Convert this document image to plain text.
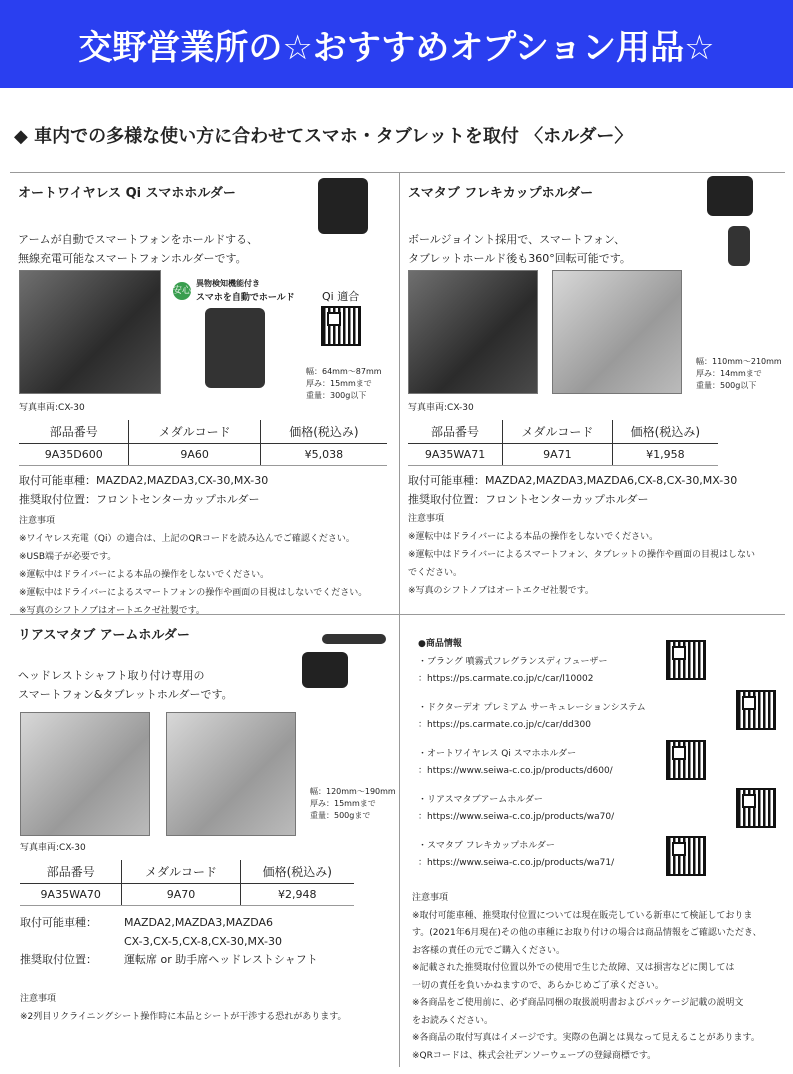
交野営業所の☆おすすめオプション用品☆
◆ 車内での多様な使い方に合わせてスマホ・タブレットを取付 〈ホルダー〉
オートワイヤレス Qi スマホホルダー
アームが自動でスマートフォンをホールドする、
無線充電可能なスマートフォンホルダーです。
安心
異物検知機能付き
スマホを自動でホールド Qi 適合
幅：64mm～87mm
厚み：15mmまで
重量：300g以下
写真車両:CX-30
部品番号	メダルコード	価格(税込み)
9A35D600	9A60	¥5,038
取付可能車種：MAZDA2,MAZDA3,CX-30,MX-30
推奨取付位置：フロントセンターカップホルダー
注意事項
※ワイヤレス充電（Qi）の適合は、上記のQRコードを読み込んでご確認ください。
※USB端子が必要です。
※運転中はドライバーによる本品の操作をしないでください。
※運転中はドライバーによるスマートフォンの操作や画面の目視はしないでください。
※写真のシフトノブはオートエクゼ社製です。
スマタブ フレキカップホルダー
ボールジョイント採用で、スマートフォン、
タブレットホールド後も360°回転可能です。
幅：110mm～210mm
厚み：14mmまで
重量：500g以下
写真車両:CX-30
部品番号	メダルコード	価格(税込み)
9A35WA71	9A71	¥1,958
取付可能車種：MAZDA2,MAZDA3,MAZDA6,CX-8,CX-30,MX-30
推奨取付位置：フロントセンターカップホルダー
注意事項
※運転中はドライバーによる本品の操作をしないでください。
※運転中はドライバーによるスマートフォン、タブレットの操作や画面の目視はしない
でください。
※写真のシフトノブはオートエクゼ社製です。
リアスマタブ アームホルダー
ヘッドレストシャフト取り付け専用の
スマートフォン&タブレットホルダーです。
幅：120mm～190mm
厚み：15mmまで
重量：500gまで
写真車両:CX-30
部品番号	メダルコード	価格(税込み)
9A35WA70	9A70	¥2,948
取付可能車種：	MAZDA2,MAZDA3,MAZDA6
CX-3,CX-5,CX-8,CX-30,MX-30
推奨取付位置：	運転席 or 助手席ヘッドレストシャフト
注意事項
※2列目リクライニングシート操作時に本品とシートが干渉する恐れがあります。
●商品情報
・ブラング 噴霧式フレグランスディフューザー
：https://ps.carmate.co.jp/c/car/l10002
・ドクターデオ プレミアム サーキュレーションシステム
：https://ps.carmate.co.jp/c/car/dd300
・オートワイヤレス Qi スマホホルダー
：https://www.seiwa-c.co.jp/products/d600/
・リアスマタブアームホルダー
：https://www.seiwa-c.co.jp/products/wa70/
・スマタブ フレキカップホルダー
：https://www.seiwa-c.co.jp/products/wa71/
注意事項
※取付可能車種、推奨取付位置については現在販売している新車にて検証しておりま
す。(2021年6月現在)その他の車種にお取り付けの場合は商品情報をご確認いただき、
お客様の責任の元でご購入ください。
※記載された推奨取付位置以外での使用で生じた故障、又は損害などに関しては
一切の責任を負いかねますので、あらかじめご了承ください。
※各商品をご使用前に、必ず商品同梱の取扱説明書およびパッケージ記載の説明文
をお読みください。
※各商品の取付写真はイメージです。実際の色調とは異なって見えることがあります。
※QRコードは、株式会社デンソーウェーブの登録商標です。
